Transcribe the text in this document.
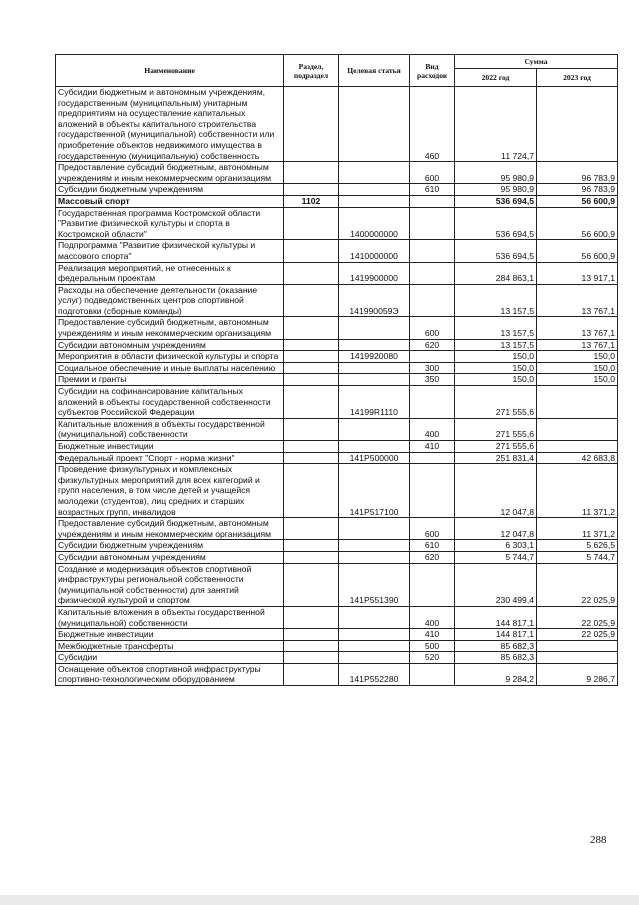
Наименование	Раздел, подраздел	Целевая статья	Вид расходов	Сумма	
				2022 год	2023 год
Субсидии бюджетным и автономным учреждениям, государственным (муниципальным) унитарным предприятиям на осуществление капитальных вложений в объекты капитального строительства государственной (муниципальной) собственности или приобретение объектов недвижимого имущества в государственную (муниципальную) собственность			460	11 724,7	
Предоставление субсидий бюджетным, автономным учреждениям и иным некоммерческим организациям			600	95 980,9	96 783,9
Субсидии бюджетным учреждениям			610	95 980,9	96 783,9
Массовый спорт	1102			536 694,5	56 600,9
Государственная программа Костромской области "Развитие физической культуры и спорта в Костромской области"		1400000000		536 694,5	56 600,9
Подпрограмма "Развитие физической культуры и массового спорта"		1410000000		536 694,5	56 600,9
Реализация мероприятий, не отнесенных к федеральным проектам		1419900000		284 863,1	13 917,1
Расходы на обеспечение деятельности (оказание услуг) подведомственных центров спортивной подготовки (сборные команды)		141990059Э		13 157,5	13 767,1
Предоставление субсидий бюджетным, автономным учреждениям и иным некоммерческим организациям			600	13 157,5	13 767,1
Субсидии автономным учреждениям			620	13 157,5	13 767,1
Мероприятия в области физической культуры и спорта		1419920080		150,0	150,0
Социальное обеспечение и иные выплаты населению			300	150,0	150,0
Премии и гранты			350	150,0	150,0
Субсидии на софинансирование капитальных вложений в объекты государственной собственности субъектов Российской Федерации		14199R1110		271 555,6	
Капитальные вложения в объекты государственной (муниципальной) собственности			400	271 555,6	
Бюджетные инвестиции			410	271 555,6	
Федеральный проект "Спорт - норма жизни"		141P500000		251 831,4	42 683,8
Проведение физкультурных и комплексных физкультурных мероприятий для всех категорий и групп населения, в том числе детей и учащейся молодежи (студентов), лиц средних и старших возрастных групп, инвалидов		141P517100		12 047,8	11 371,2
Предоставление субсидий бюджетным, автономным учреждениям и иным некоммерческим организациям			600	12 047,8	11 371,2
Субсидии бюджетным учреждениям			610	6 303,1	5 626,5
Субсидии автономным учреждениям			620	5 744,7	5 744,7
Создание и модернизация объектов спортивной инфраструктуры региональной собственности (муниципальной собственности) для занятий физической культурой и спортом		141P551390		230 499,4	22 025,9
Капитальные вложения в объекты государственной (муниципальной) собственности			400	144 817,1	22 025,9
Бюджетные инвестиции			410	144 817,1	22 025,9
Межбюджетные трансферты			500	85 682,3	
Субсидии			520	85 682,3	
Оснащение объектов спортивной инфраструктуры спортивно-технологическим оборудованием		141P552280		9 284,2	9 286,7
288
